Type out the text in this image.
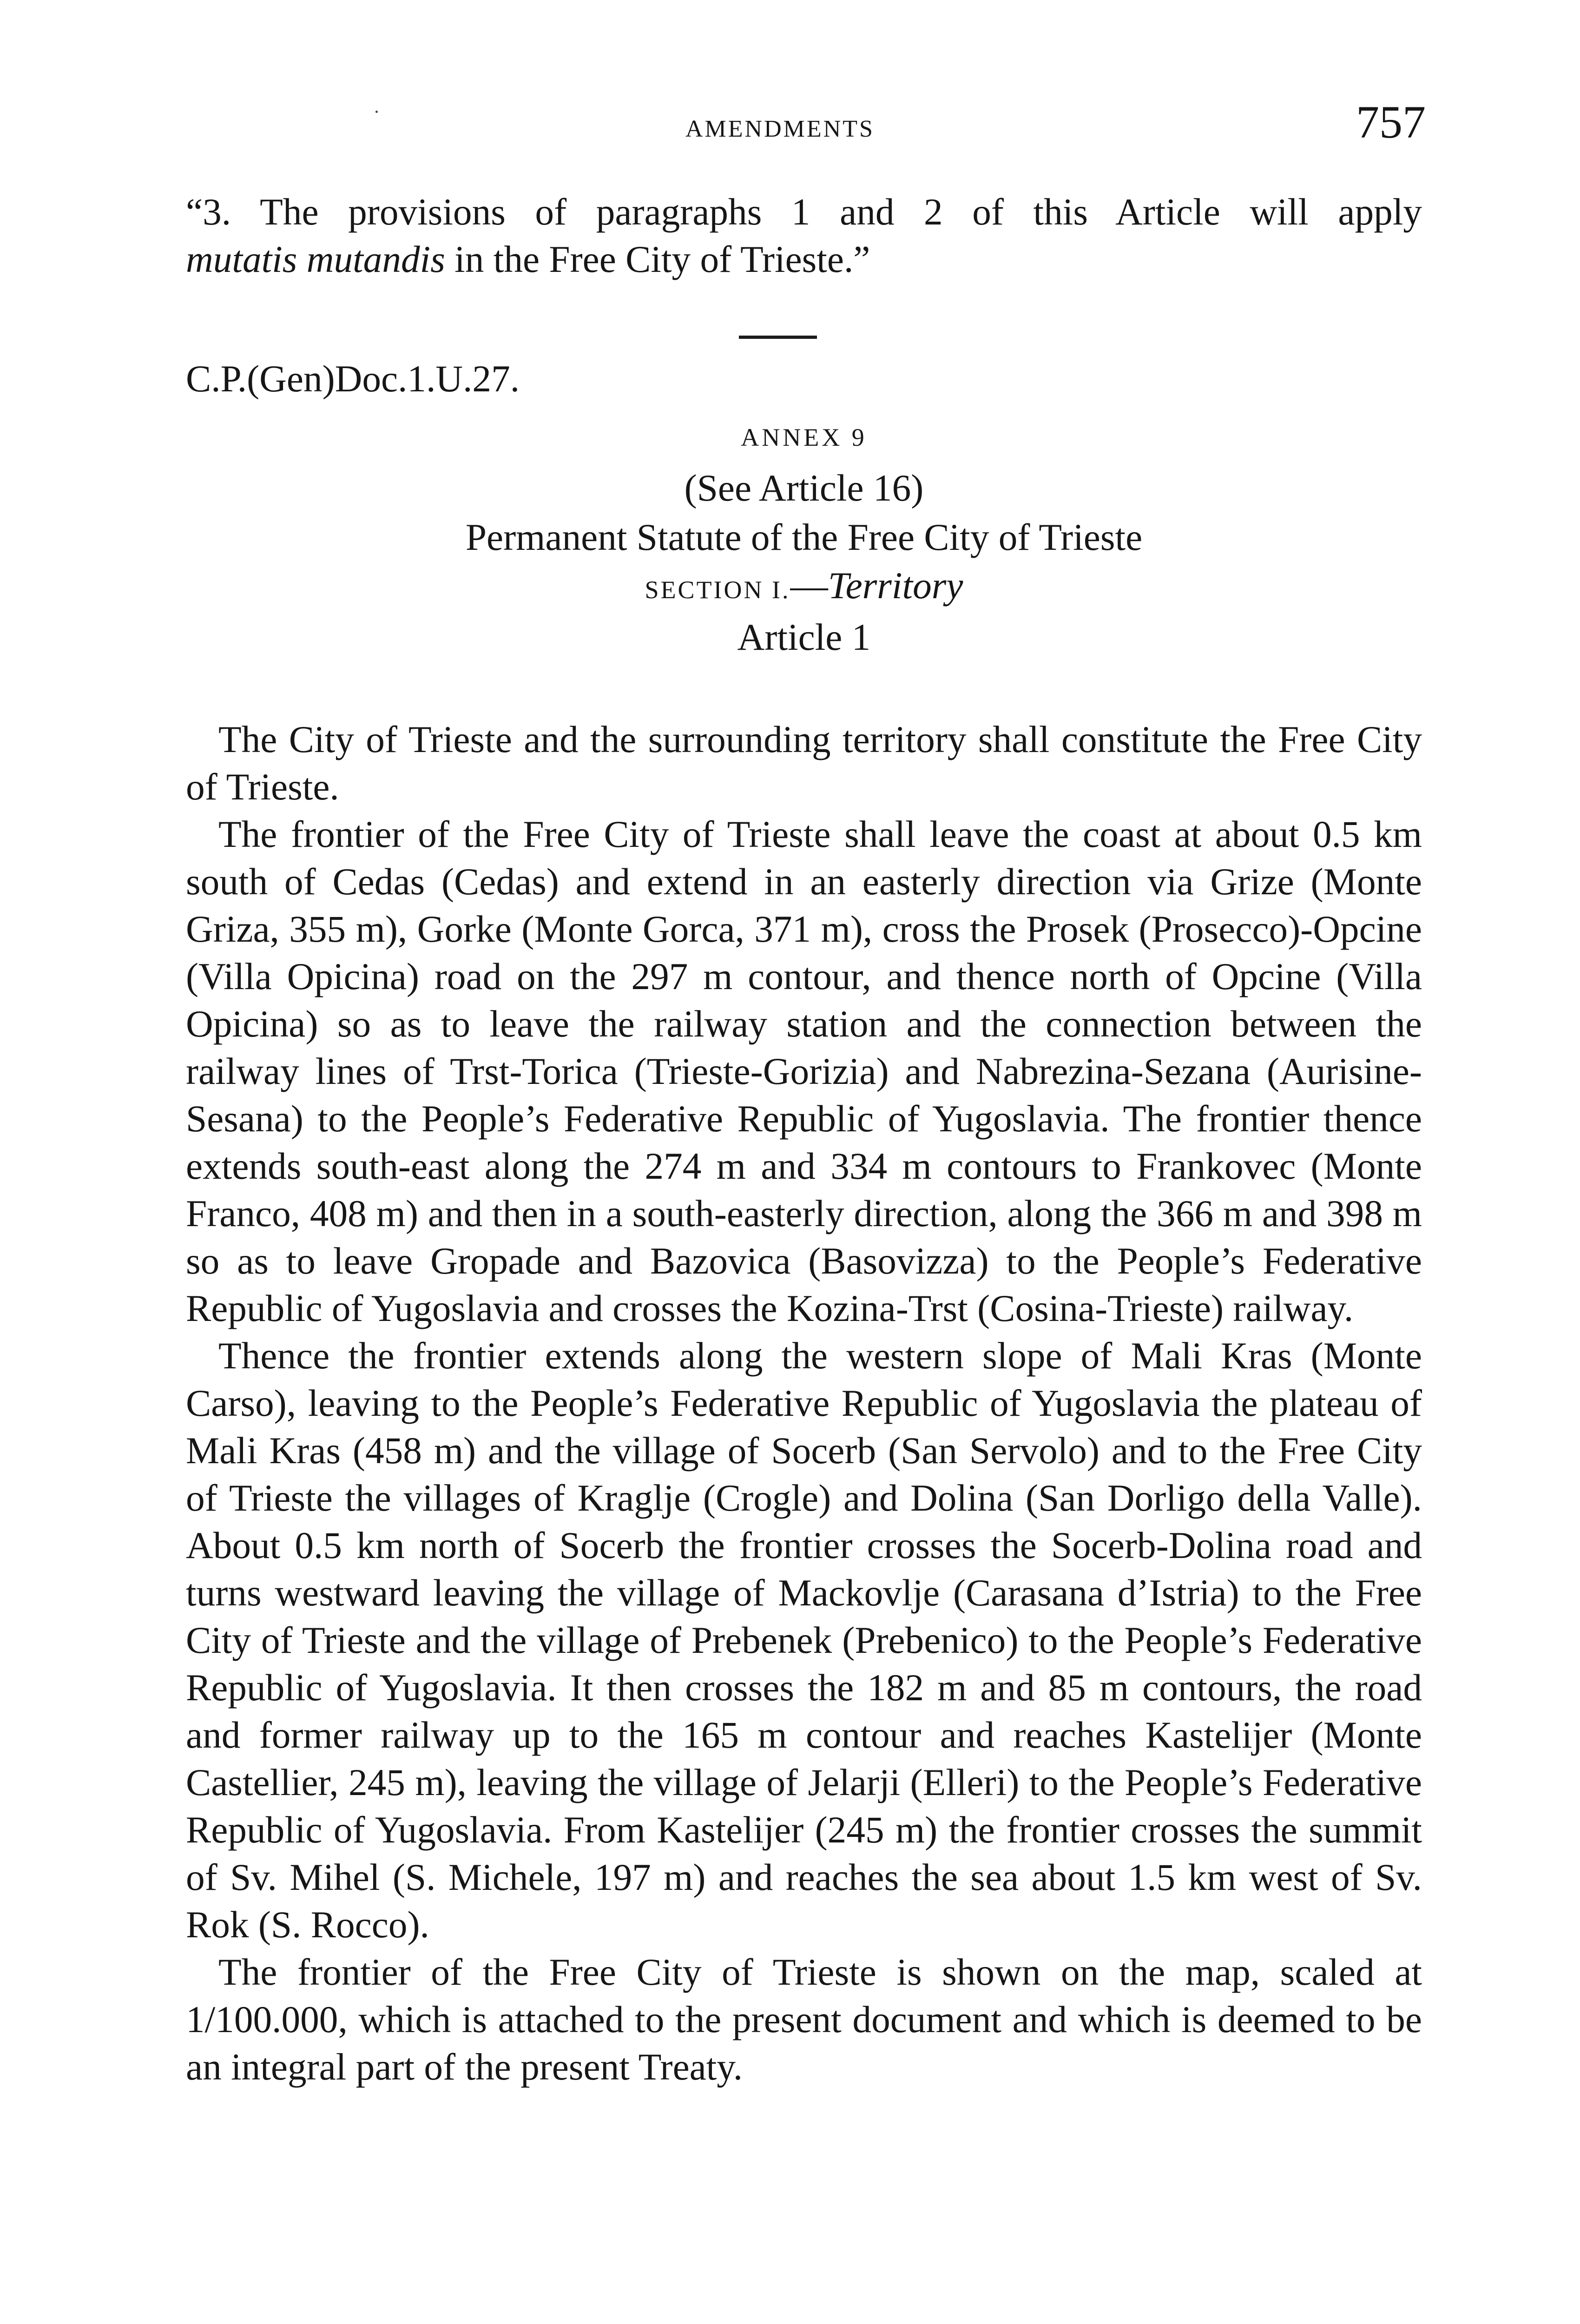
AMENDMENTS	757

“3. The provisions of paragraphs 1 and 2 of this Article will apply

mutatis mutandis in the Free City of Trieste.”

C.P.(Gen)Doc.1.U.27.
ANNEX 9
(See Article 16)
Permanent Statute of the Free City of Trieste
SECTION I.—Territory
Article 1

The City of Trieste and the surrounding territory shall constitute the Free City of Trieste.

The frontier of the Free City of Trieste shall leave the coast at about 0.5 km south of Cedas (Cedas) and extend in an easterly direction via Grize (Monte Griza, 355 m), Gorke (Monte Gorca, 371 m), cross the Prosek (Prosecco)-Opcine (Villa Opicina) road on the 297 m contour, and thence north of Opcine (Villa Opicina) so as to leave the railway station and the connection between the railway lines of Trst-Torica (Trieste-Gorizia) and Nabrezina-Sezana (Aurisine-Sesana) to the People’s Federative Republic of Yugoslavia. The frontier thence extends south-east along the 274 m and 334 m contours to Frankovec (Monte Franco, 408 m) and then in a south-easterly direction, along the 366 m and 398 m so as to leave Gropade and Bazovica (Basovizza) to the People’s Federative Republic of Yugoslavia and crosses the Kozina-Trst (Cosina-Trieste) railway.

Thence the frontier extends along the western slope of Mali Kras (Monte Carso), leaving to the People’s Federative Republic of Yugoslavia the plateau of Mali Kras (458 m) and the village of Socerb (San Servolo) and to the Free City of Trieste the villages of Kraglje (Crogle) and Dolina (San Dorligo della Valle). About 0.5 km north of Socerb the frontier crosses the Socerb-Dolina road and turns westward leaving the village of Mackovlje (Carasana d’Istria) to the Free City of Trieste and the village of Prebenek (Prebenico) to the People’s Federative Republic of Yugoslavia. It then crosses the 182 m and 85 m contours, the road and former railway up to the 165 m contour and reaches Kastelijer (Monte Castellier, 245 m), leaving the village of Jelarji (Elleri) to the People’s Federative Republic of Yugoslavia. From Kastelijer (245 m) the frontier crosses the summit of Sv. Mihel (S. Michele, 197 m) and reaches the sea about 1.5 km west of Sv. Rok (S. Rocco).

The frontier of the Free City of Trieste is shown on the map, scaled at 1/100.000, which is attached to the present document and which is deemed to be an integral part of the present Treaty.
